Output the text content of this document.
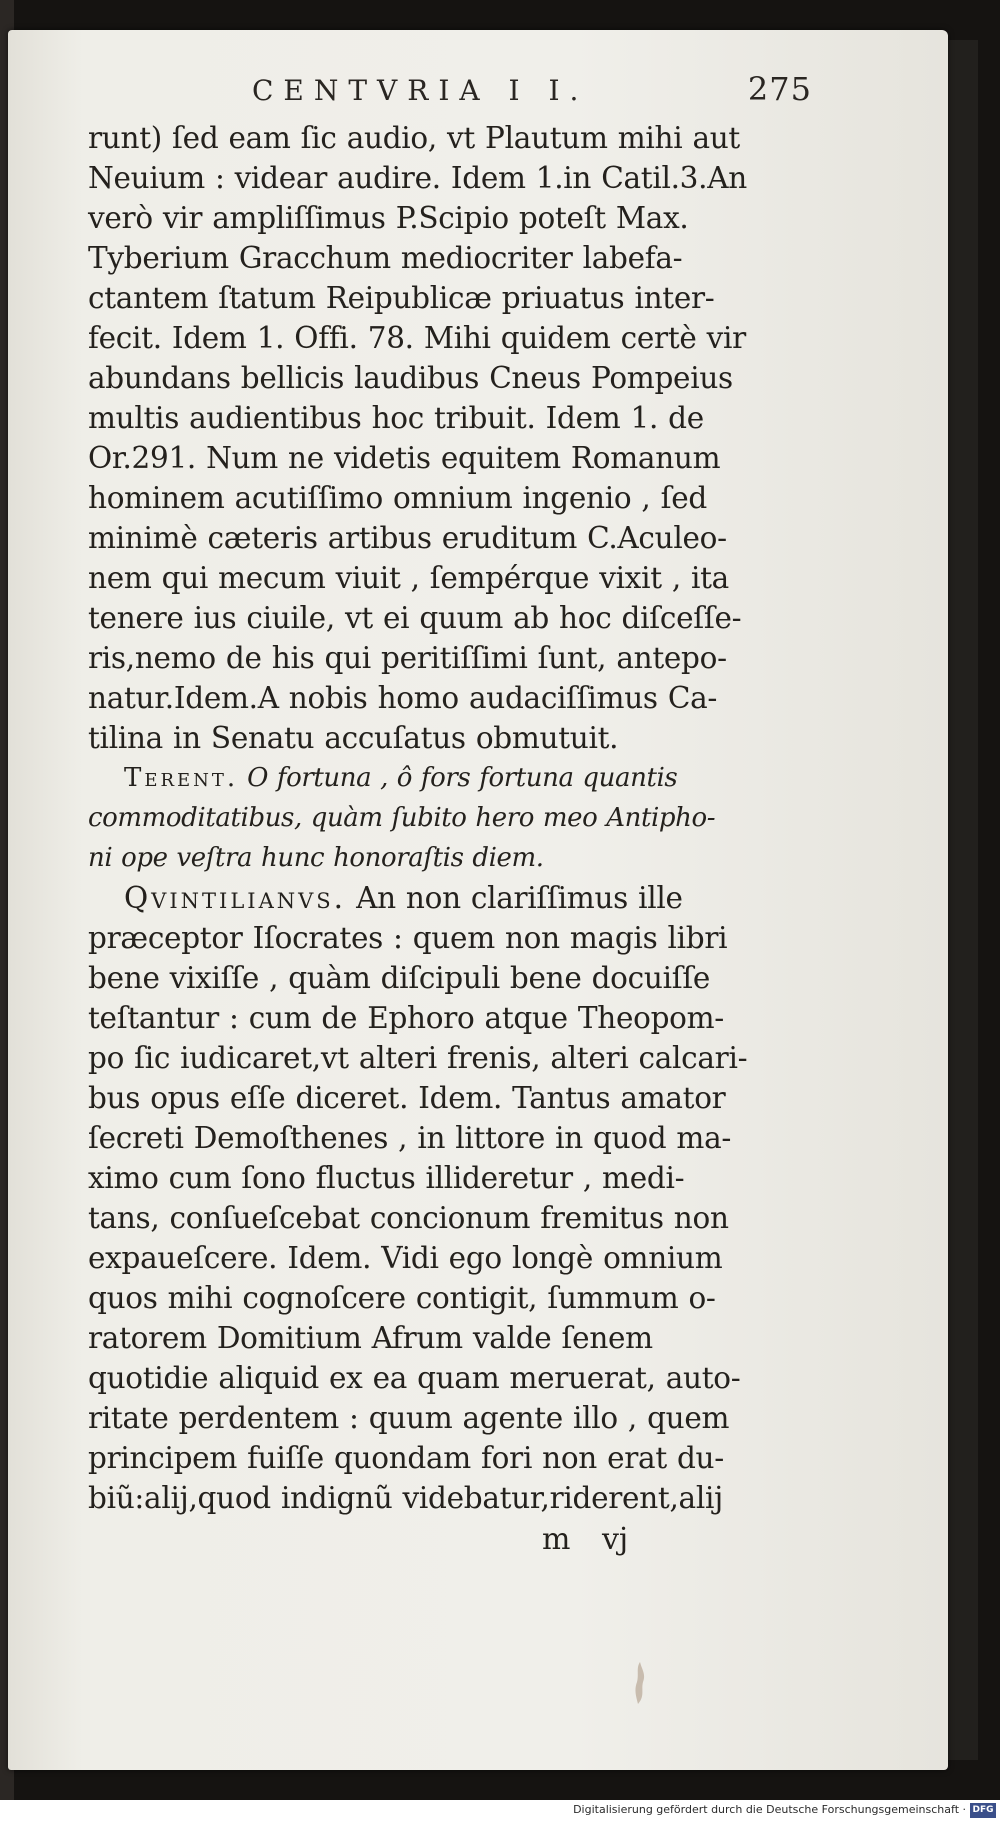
CENTVRIA I I.	275
runt) ſed eam ſic audio, vt Plautum mihi aut
Neuium : videar audire. Idem 1.in Catil.3.An
verò vir ampliſſimus P.Scipio poteſt Max.
Tyberium Gracchum mediocriter labefa-
ctantem ſtatum Reipublicæ priuatus inter-
fecit. Idem 1. Offi. 78. Mihi quidem certè vir
abundans bellicis laudibus Cneus Pompeius
multis audientibus hoc tribuit. Idem 1. de
Or.291. Num ne videtis equitem Romanum
hominem acutiſſimo omnium ingenio , ſed
minimè cæteris artibus eruditum C.Aculeo-
nem qui mecum viuit , ſempérque vixit , ita
tenere ius ciuile, vt ei quum ab hoc diſceſſe-
ris,nemo de his qui peritiſſimi ſunt, antepo-
natur.Idem.A nobis homo audaciſſimus Ca-
tilina in Senatu accuſatus obmutuit.
Terent. O fortuna , ô fors fortuna quantis
commoditatibus, quàm ſubito hero meo Antipho-
ni ope veſtra hunc honoraſtis diem.
Qvintilianvs. An non clariſſimus ille
præceptor Iſocrates : quem non magis libri
bene vixiſſe , quàm diſcipuli bene docuiſſe
teſtantur : cum de Ephoro atque Theopom-
po ſic iudicaret,vt alteri frenis, alteri calcari-
bus opus eſſe diceret. Idem. Tantus amator
ſecreti Demoſthenes , in littore in quod ma-
ximo cum ſono fluctus illideretur , medi-
tans, conſueſcebat concionum fremitus non
expaueſcere. Idem. Vidi ego longè omnium
quos mihi cognoſcere contigit, ſummum o-
ratorem Domitium Afrum valde ſenem
quotidie aliquid ex ea quam meruerat, auto-
ritate perdentem : quum agente illo , quem
principem fuiſſe quondam fori non erat du-
biũ:alij,quod indignũ videbatur,riderent,alij
m vj
Digitalisierung gefördert durch die Deutsche Forschungsgemeinschaft · DFG
